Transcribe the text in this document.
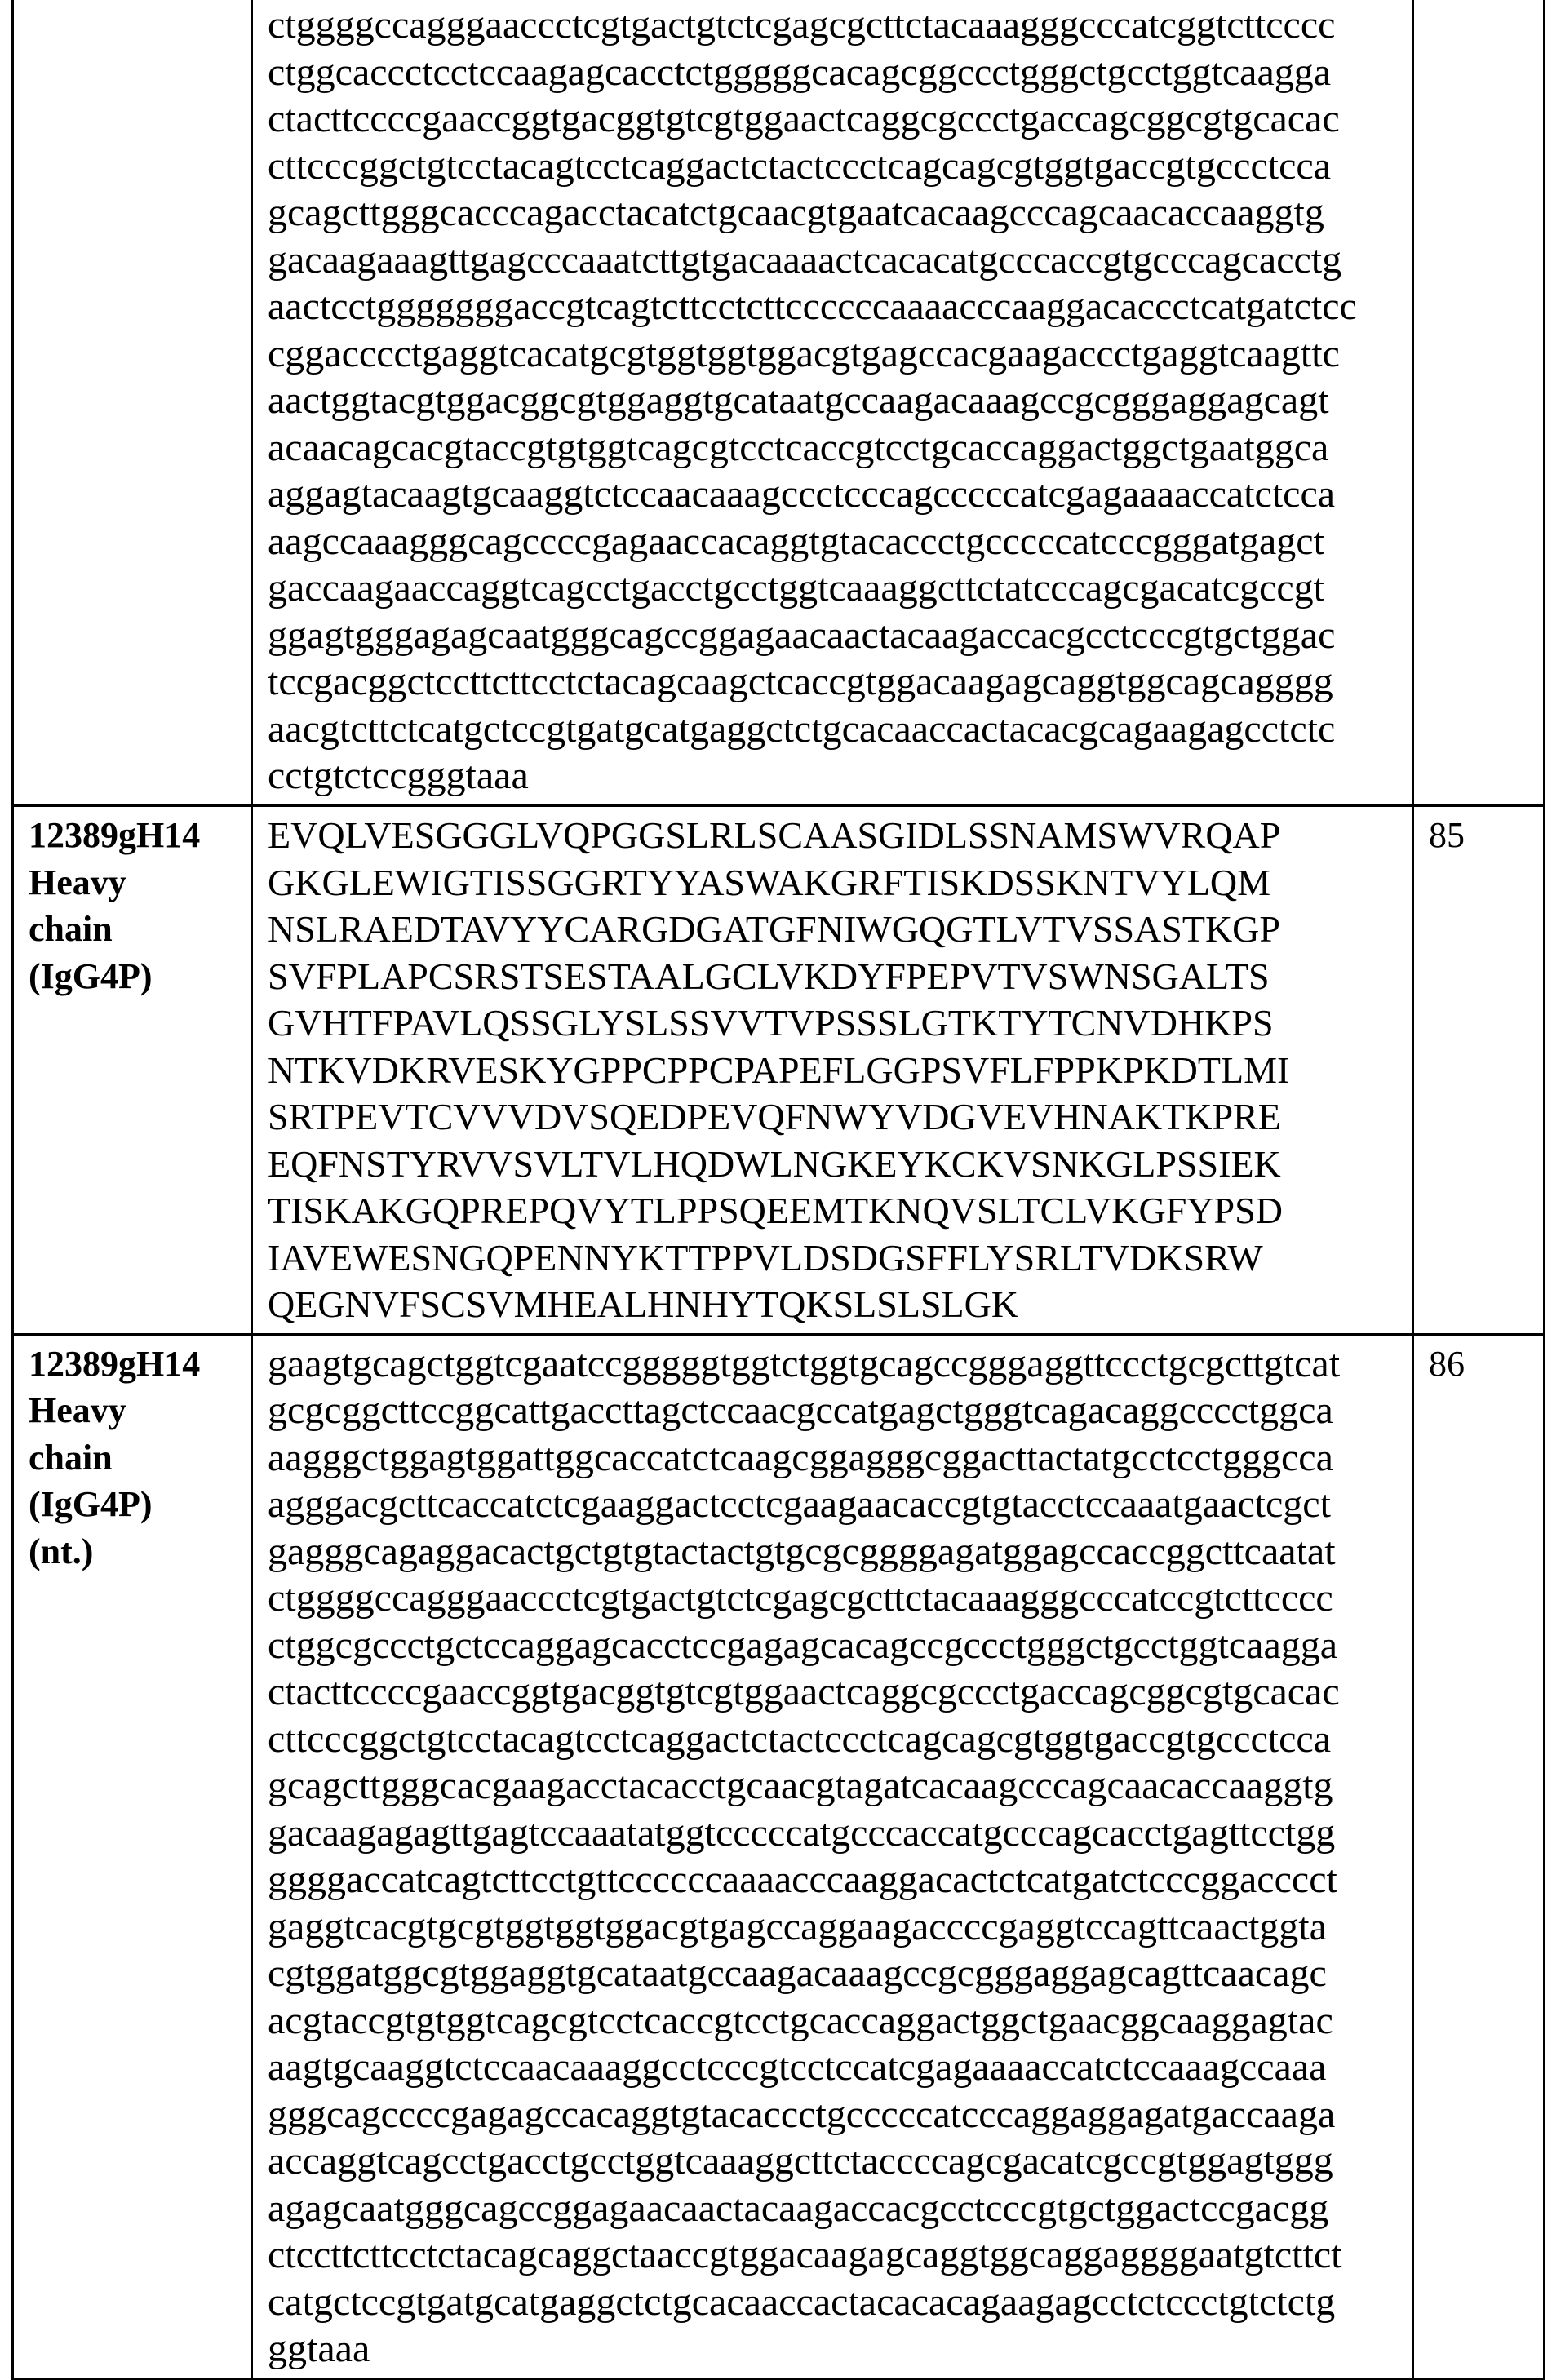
ctggggccagggaaccctcgtgactgtctcgagcgcttctacaaagggcccatcggtcttcccc
ctggcaccctcctccaagagcacctctgggggcacagcggccctgggctgcctggtcaagga
ctacttccccgaaccggtgacggtgtcgtggaactcaggcgccctgaccagcggcgtgcacac
cttcccggctgtcctacagtcctcaggactctactccctcagcagcgtggtgaccgtgccctcca
gcagcttgggcacccagacctacatctgcaacgtgaatcacaagcccagcaacaccaaggtg
gacaagaaagttgagcccaaatcttgtgacaaaactcacacatgcccaccgtgcccagcacctg
aactcctgggggggaccgtcagtcttcctcttccccccaaaacccaaggacaccctcatgatctcc
cggacccctgaggtcacatgcgtggtggtggacgtgagccacgaagaccctgaggtcaagttc
aactggtacgtggacggcgtggaggtgcataatgccaagacaaagccgcgggaggagcagt
acaacagcacgtaccgtgtggtcagcgtcctcaccgtcctgcaccaggactggctgaatggca
aggagtacaagtgcaaggtctccaacaaagccctcccagcccccatcgagaaaaccatctcca
aagccaaagggcagccccgagaaccacaggtgtacaccctgcccccatcccgggatgagct
gaccaagaaccaggtcagcctgacctgcctggtcaaaggcttctatcccagcgacatcgccgt
ggagtgggagagcaatgggcagccggagaacaactacaagaccacgcctcccgtgctggac
tccgacggctccttcttcctctacagcaagctcaccgtggacaagagcaggtggcagcagggg
aacgtcttctcatgctccgtgatgcatgaggctctgcacaaccactacacgcagaagagcctctc
cctgtctccgggtaaa

12389gH14
Heavy
chain
(IgG4P)

EVQLVESGGGLVQPGGSLRLSCAASGIDLSSNAMSWVRQAP
GKGLEWIGTISSGGRTYYASWAKGRFTISKDSSKNTVYLQM
NSLRAEDTAVYYCARGDGATGFNIWGQGTLVTVSSASTKGP
SVFPLAPCSRSTSESTAALGCLVKDYFPEPVTVSWNSGALTS
GVHTFPAVLQSSGLYSLSSVVTVPSSSLGTKTYTCNVDHKPS
NTKVDKRVESKYGPPCPPCPAPEFLGGPSVFLFPPKPKDTLMI
SRTPEVTCVVVDVSQEDPEVQFNWYVDGVEVHNAKTKPRE
EQFNSTYRVVSVLTVLHQDWLNGKEYKCKVSNKGLPSSIEK
TISKAKGQPREPQVYTLPPSQEEMTKNQVSLTCLVKGFYPSD
IAVEWESNGQPENNYKTTPPVLDSDGSFFLYSRLTVDKSRW
QEGNVFSCSVMHEALHNHYTQKSLSLSLGK

85

12389gH14
Heavy
chain
(IgG4P)
(nt.)

gaagtgcagctggtcgaatccgggggtggtctggtgcagccgggaggttccctgcgcttgtcat
gcgcggcttccggcattgaccttagctccaacgccatgagctgggtcagacaggcccctggca
aagggctggagtggattggcaccatctcaagcggagggcggacttactatgcctcctgggcca
agggacgcttcaccatctcgaaggactcctcgaagaacaccgtgtacctccaaatgaactcgct
gagggcagaggacactgctgtgtactactgtgcgcggggagatggagccaccggcttcaatat
ctggggccagggaaccctcgtgactgtctcgagcgcttctacaaagggcccatccgtcttcccc
ctggcgccctgctccaggagcacctccgagagcacagccgccctgggctgcctggtcaagga
ctacttccccgaaccggtgacggtgtcgtggaactcaggcgccctgaccagcggcgtgcacac
cttcccggctgtcctacagtcctcaggactctactccctcagcagcgtggtgaccgtgccctcca
gcagcttgggcacgaagacctacacctgcaacgtagatcacaagcccagcaacaccaaggtg
gacaagagagttgagtccaaatatggtcccccatgcccaccatgcccagcacctgagttcctgg
ggggaccatcagtcttcctgttccccccaaaacccaaggacactctcatgatctcccggacccct
gaggtcacgtgcgtggtggtggacgtgagccaggaagaccccgaggtccagttcaactggta
cgtggatggcgtggaggtgcataatgccaagacaaagccgcgggaggagcagttcaacagc
acgtaccgtgtggtcagcgtcctcaccgtcctgcaccaggactggctgaacggcaaggagtac
aagtgcaaggtctccaacaaaggcctcccgtcctccatcgagaaaaccatctccaaagccaaa
gggcagccccgagagccacaggtgtacaccctgcccccatcccaggaggagatgaccaaga
accaggtcagcctgacctgcctggtcaaaggcttctaccccagcgacatcgccgtggagtggg
agagcaatgggcagccggagaacaactacaagaccacgcctcccgtgctggactccgacgg
ctccttcttcctctacagcaggctaaccgtggacaagagcaggtggcaggaggggaatgtcttct
catgctccgtgatgcatgaggctctgcacaaccactacacacagaagagcctctccctgtctctg
ggtaaa

86
